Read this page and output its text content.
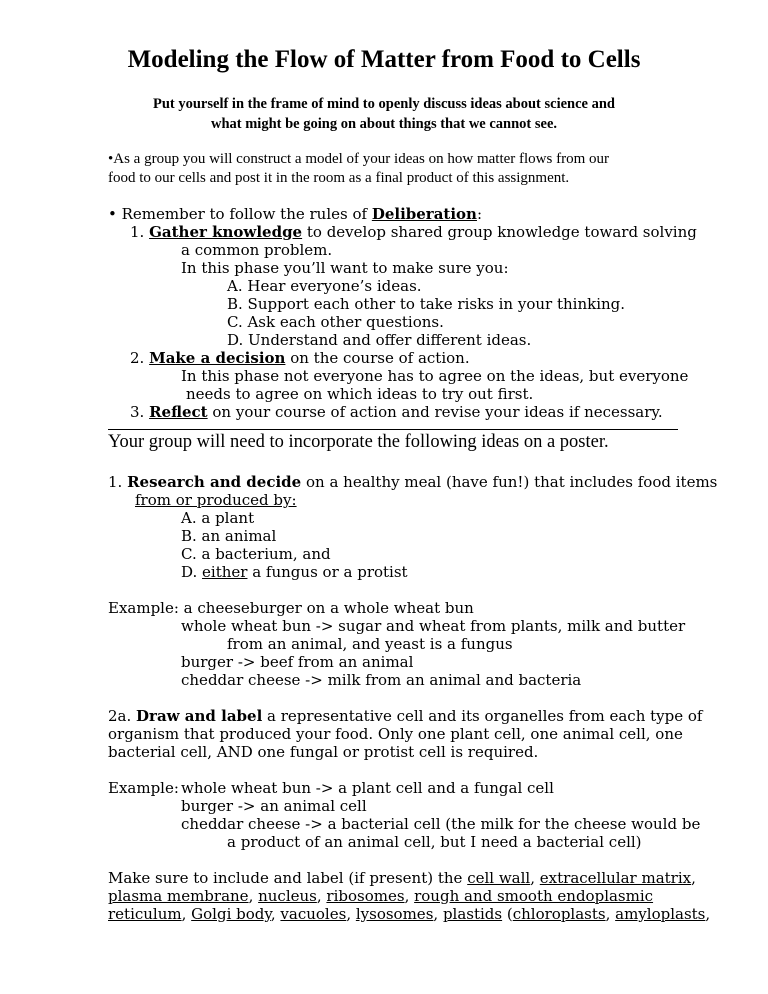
Modeling the Flow of Matter from Food to Cells
Put yourself in the frame of mind to openly discuss ideas about science and
what might be going on about things that we cannot see.
•As a group you will construct a model of your ideas on how matter flows from our
food to our cells and post it in the room as a final product of this assignment.
• Remember to follow the rules of Deliberation:
1. Gather knowledge to develop shared group knowledge toward solving
a common problem.
In this phase you’ll want to make sure you:
A. Hear everyone’s ideas.
B. Support each other to take risks in your thinking.
C. Ask each other questions.
D. Understand and offer different ideas.
2. Make a decision on the course of action.
In this phase not everyone has to agree on the ideas, but everyone
needs to agree on which ideas to try out first.
3. Reflect on your course of action and revise your ideas if necessary.
Your group will need to incorporate the following ideas on a poster.
1. Research and decide on a healthy meal (have fun!) that includes food items
from or produced by:
A. a plant
B. an animal
C. a bacterium, and
D. either a fungus or a protist
Example: a cheeseburger on a whole wheat bun
whole wheat bun -> sugar and wheat from plants, milk and butter
from an animal, and yeast is a fungus
burger -> beef from an animal
cheddar cheese -> milk from an animal and bacteria
2a. Draw and label a representative cell and its organelles from each type of
organism that produced your food. Only one plant cell, one animal cell, one
bacterial cell, AND one fungal or protist cell is required.
Example: whole wheat bun -> a plant cell and a fungal cell
burger -> an animal cell
cheddar cheese -> a bacterial cell (the milk for the cheese would be
a product of an animal cell, but I need a bacterial cell)
Make sure to include and label (if present) the cell wall, extracellular matrix,
plasma membrane, nucleus, ribosomes, rough and smooth endoplasmic
reticulum, Golgi body, vacuoles, lysosomes, plastids (chloroplasts, amyloplasts,
